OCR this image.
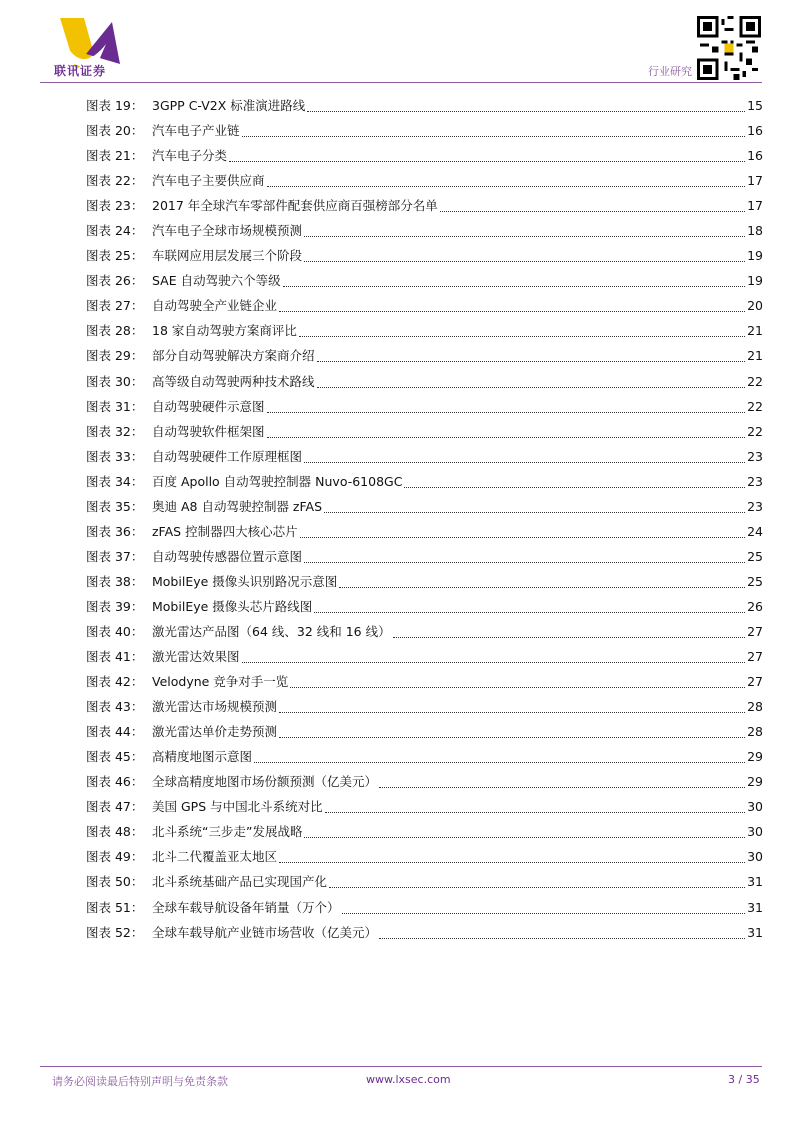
联讯证券	行业研究
图表 19： 3GPP C-V2X 标准演进路线	15
图表 20： 汽车电子产业链	16
图表 21： 汽车电子分类	16
图表 22： 汽车电子主要供应商	17
图表 23： 2017 年全球汽车零部件配套供应商百强榜部分名单	17
图表 24： 汽车电子全球市场规模预测	18
图表 25： 车联网应用层发展三个阶段	19
图表 26： SAE 自动驾驶六个等级	19
图表 27： 自动驾驶全产业链企业	20
图表 28： 18 家自动驾驶方案商评比	21
图表 29： 部分自动驾驶解决方案商介绍	21
图表 30： 高等级自动驾驶两种技术路线	22
图表 31： 自动驾驶硬件示意图	22
图表 32： 自动驾驶软件框架图	22
图表 33： 自动驾驶硬件工作原理框图	23
图表 34： 百度 Apollo 自动驾驶控制器 Nuvo-6108GC	23
图表 35： 奥迪 A8 自动驾驶控制器 zFAS	23
图表 36： zFAS 控制器四大核心芯片	24
图表 37： 自动驾驶传感器位置示意图	25
图表 38： MobilEye 摄像头识别路况示意图	25
图表 39： MobilEye 摄像头芯片路线图	26
图表 40： 激光雷达产品图（64 线、32 线和 16 线）	27
图表 41： 激光雷达效果图	27
图表 42： Velodyne 竞争对手一览	27
图表 43： 激光雷达市场规模预测	28
图表 44： 激光雷达单价走势预测	28
图表 45： 高精度地图示意图	29
图表 46： 全球高精度地图市场份额预测（亿美元）	29
图表 47： 美国 GPS 与中国北斗系统对比	30
图表 48： 北斗系统“三步走”发展战略	30
图表 49： 北斗二代覆盖亚太地区	30
图表 50： 北斗系统基础产品已实现国产化	31
图表 51： 全球车载导航设备年销量（万个）	31
图表 52： 全球车载导航产业链市场营收（亿美元）	31
请务必阅读最后特别声明与免责条款	www.lxsec.com	3 / 35
